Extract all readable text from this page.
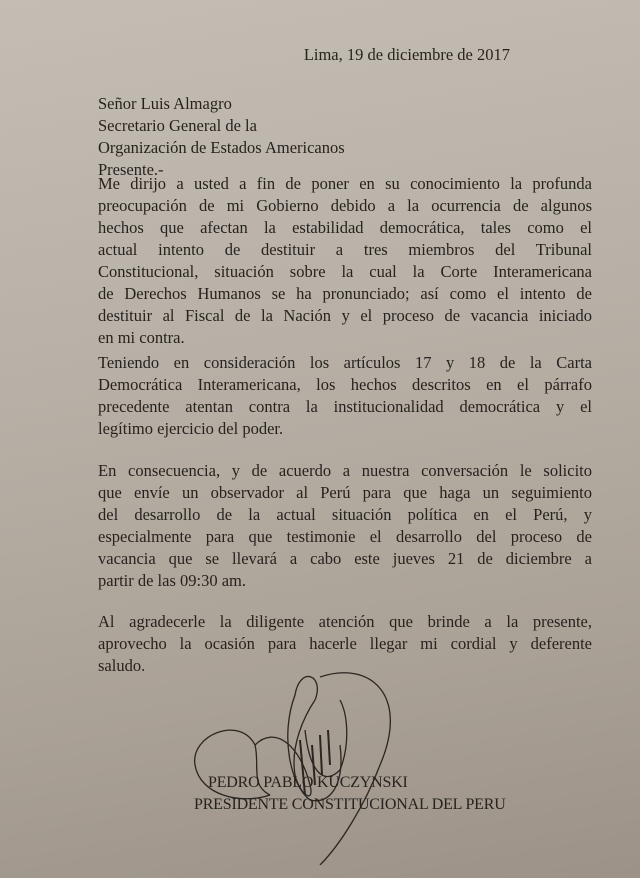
Lima, 19 de diciembre de 2017
Señor Luis Almagro
Secretario General de la
Organización de Estados Americanos
Presente.-
Me dirijo a usted a fin de poner en su conocimiento la profunda
preocupación de mi Gobierno debido a la ocurrencia de algunos
hechos que afectan la estabilidad democrática, tales como el
actual intento de destituir a tres miembros del Tribunal
Constitucional, situación sobre la cual la Corte Interamericana
de Derechos Humanos se ha pronunciado; así como el intento de
destituir al Fiscal de la Nación y el proceso de vacancia iniciado
en mi contra.
Teniendo en consideración los artículos 17 y 18 de la Carta
Democrática Interamericana, los hechos descritos en el párrafo
precedente atentan contra la institucionalidad democrática y el
legítimo ejercicio del poder.
En consecuencia, y de acuerdo a nuestra conversación le solicito
que envíe un observador al Perú para que haga un seguimiento
del desarrollo de la actual situación política en el Perú, y
especialmente para que testimonie el desarrollo del proceso de
vacancia que se llevará a cabo este jueves 21 de diciembre a
partir de las 09:30 am.
Al agradecerle la diligente atención que brinde a la presente,
aprovecho la ocasión para hacerle llegar mi cordial y deferente
saludo.
PEDRO PABLO KUCZYNSKI
PRESIDENTE CONSTITUCIONAL DEL PERU
